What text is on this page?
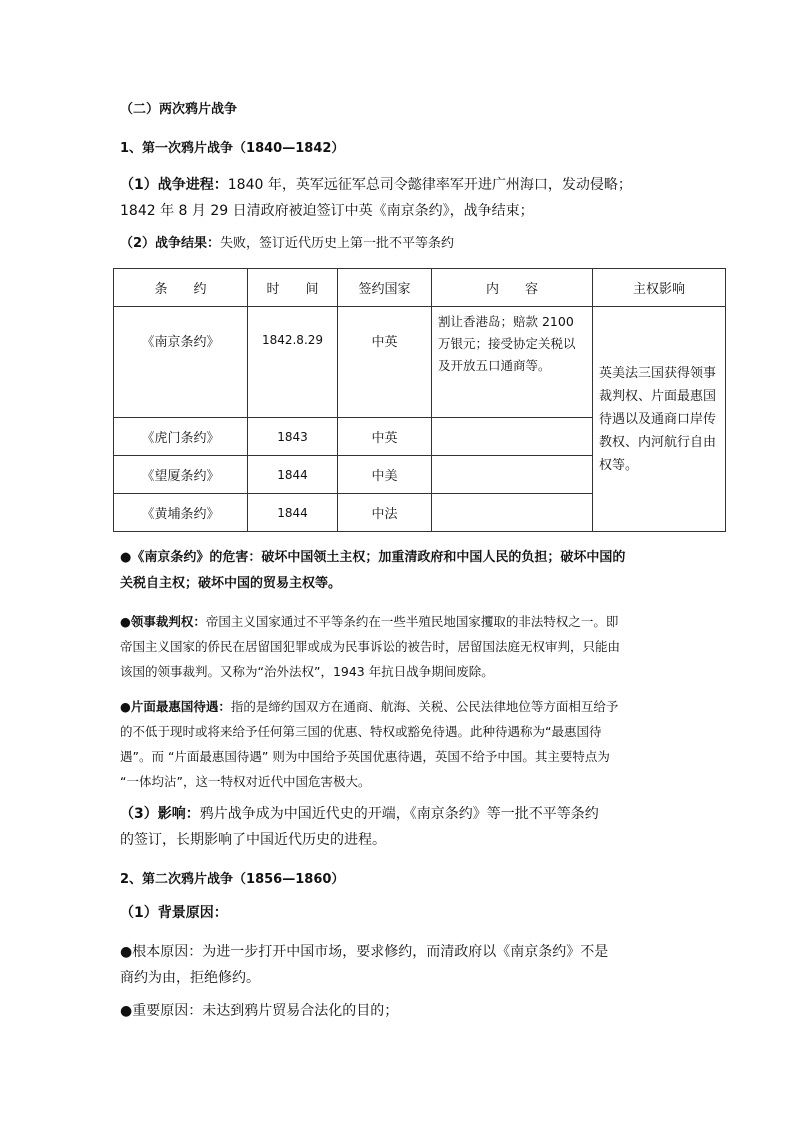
（二）两次鸦片战争
1、第一次鸦片战争（1840—1842）
（1）战争进程：1840 年，英军远征军总司令懿律率军开进广州海口，发动侵略；
1842 年 8 月 29 日清政府被迫签订中英《南京条约》，战争结束；
（2）战争结果：失败，签订近代历史上第一批不平等条约
条　　约	时　　间	签约国家	内　　容	主权影响
《南京条约》	1842.8.29	中英	割让香港岛；赔款 2100 万银元；接受协定关税以及开放五口通商等。	英美法三国获得领事裁判权、片面最惠国待遇以及通商口岸传教权、内河航行自由权等。
《虎门条约》	1843	中英		
《望厦条约》	1844	中美		
《黄埔条约》	1844	中法		
●《南京条约》的危害：破坏中国领土主权；加重清政府和中国人民的负担；破坏中国的
关税自主权；破坏中国的贸易主权等。
●领事裁判权：帝国主义国家通过不平等条约在一些半殖民地国家攫取的非法特权之一。即
帝国主义国家的侨民在居留国犯罪或成为民事诉讼的被告时，居留国法庭无权审判，只能由
该国的领事裁判。又称为“治外法权”，1943 年抗日战争期间废除。
●片面最惠国待遇：指的是缔约国双方在通商、航海、关税、公民法律地位等方面相互给予
的不低于现时或将来给予任何第三国的优惠、特权或豁免待遇。此种待遇称为“最惠国待
遇”。而 “片面最惠国待遇” 则为中国给予英国优惠待遇，英国不给予中国。其主要特点为
“一体均沾”，这一特权对近代中国危害极大。
（3）影响：鸦片战争成为中国近代史的开端，《南京条约》等一批不平等条约
的签订，长期影响了中国近代历史的进程。
2、第二次鸦片战争（1856—1860）
（1）背景原因：
●根本原因：为进一步打开中国市场，要求修约，而清政府以《南京条约》不是
商约为由，拒绝修约。
●重要原因：未达到鸦片贸易合法化的目的；
